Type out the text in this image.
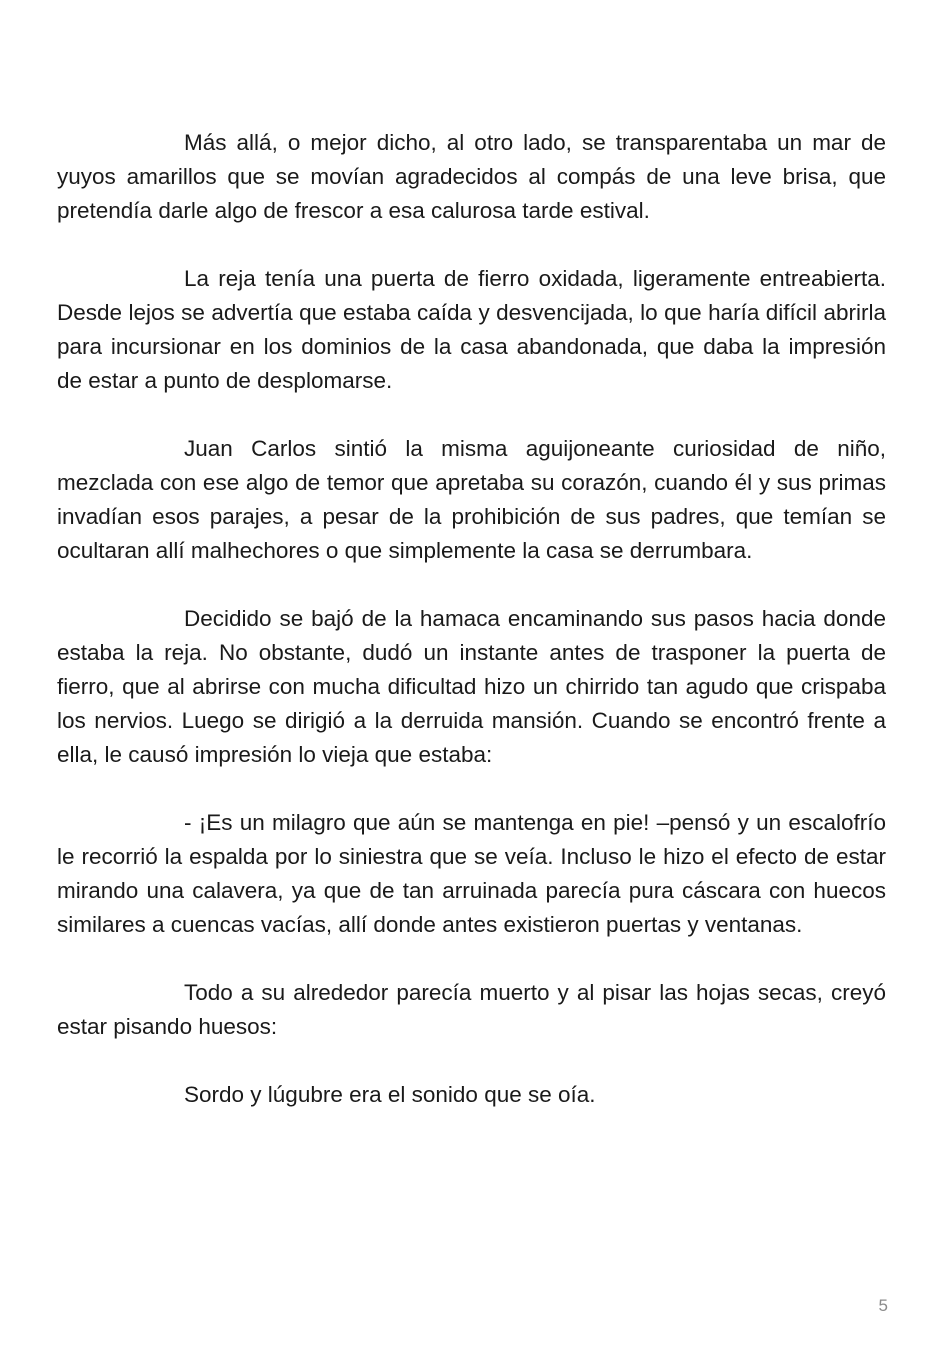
Más allá, o mejor dicho, al otro lado, se transparentaba un mar de yuyos amarillos que se movían agradecidos al compás de una leve brisa, que pretendía darle algo de frescor a esa calurosa tarde estival.

La reja tenía una puerta de fierro oxidada, ligeramente entreabierta. Desde lejos se advertía que estaba caída y desvencijada, lo que haría difícil abrirla para incursionar en los dominios de la casa abandonada, que daba la impresión de estar a punto de desplomarse.

Juan Carlos sintió la misma aguijoneante curiosidad de niño, mezclada con ese algo de temor que apretaba su corazón, cuando él y sus primas invadían esos parajes, a pesar de la prohibición de sus padres, que temían se ocultaran allí malhechores o que simplemente la casa se derrumbara.

Decidido se bajó de la hamaca encaminando sus pasos hacia donde estaba la reja. No obstante, dudó un instante antes de trasponer la puerta de fierro, que al abrirse con mucha dificultad hizo un chirrido tan agudo que crispaba los nervios. Luego se dirigió a la derruida mansión. Cuando se encontró frente a ella, le causó impresión lo vieja que estaba:

- ¡Es un milagro que aún se mantenga en pie! –pensó y un escalofrío le recorrió la espalda por lo siniestra que se veía. Incluso le hizo el efecto de estar mirando una calavera, ya que de tan arruinada parecía pura cáscara con huecos similares a cuencas vacías, allí donde antes existieron puertas y ventanas.

Todo a su alrededor parecía muerto y al pisar las hojas secas, creyó estar pisando huesos:

Sordo y lúgubre era el sonido que se oía.

5
